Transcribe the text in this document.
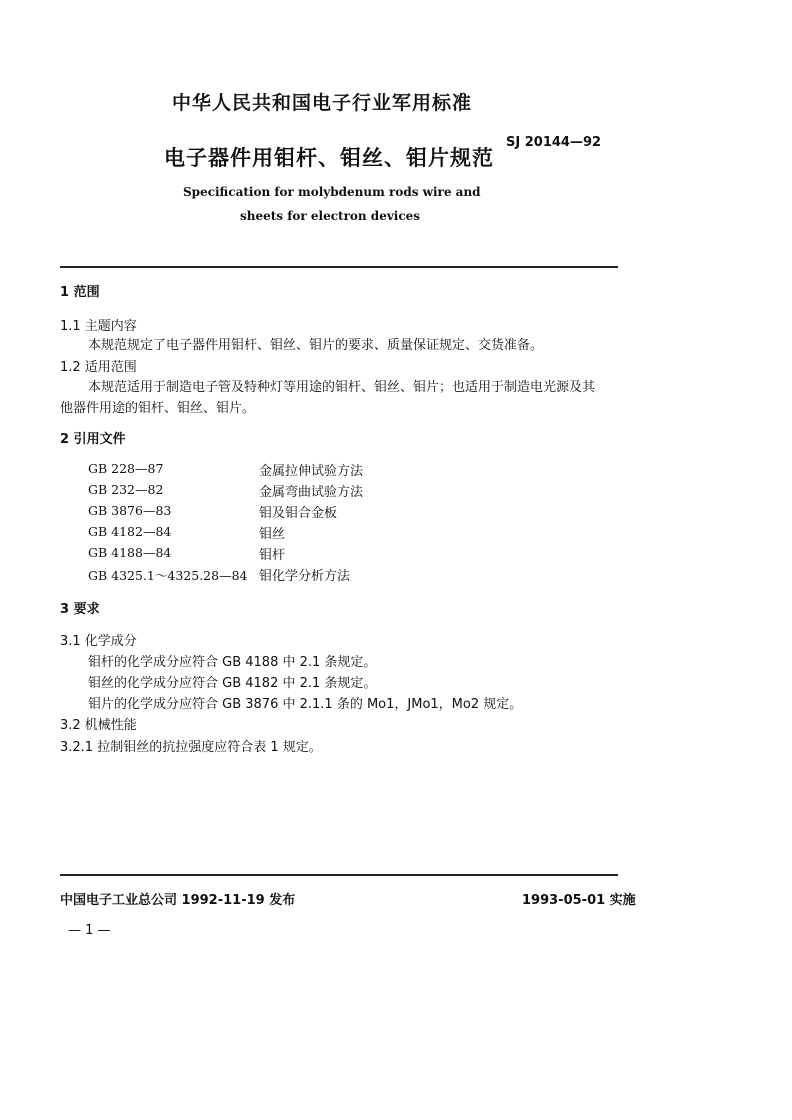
中华人民共和国电子行业军用标准
SJ 20144—92
电子器件用钼杆、钼丝、钼片规范
Specification for molybdenum rods wire and
sheets for electron devices
1 范围
1.1 主题内容
本规范规定了电子器件用钼杆、钼丝、钼片的要求、质量保证规定、交货准备。
1.2 适用范围
本规范适用于制造电子管及特种灯等用途的钼杆、钼丝、钼片；也适用于制造电光源及其
他器件用途的钼杆、钼丝、钼片。
2 引用文件
GB 228—87	金属拉伸试验方法
GB 232—82	金属弯曲试验方法
GB 3876—83	钼及钼合金板
GB 4182—84	钼丝
GB 4188—84	钼杆
GB 4325.1～4325.28—84 钼化学分析方法
3 要求
3.1 化学成分
钼杆的化学成分应符合 GB 4188 中 2.1 条规定。
钼丝的化学成分应符合 GB 4182 中 2.1 条规定。
钼片的化学成分应符合 GB 3876 中 2.1.1 条的 Mo1，JMo1，Mo2 规定。
3.2 机械性能
3.2.1 拉制钼丝的抗拉强度应符合表 1 规定。
中国电子工业总公司 1992-11-19 发布	1993-05-01 实施
— 1 —
